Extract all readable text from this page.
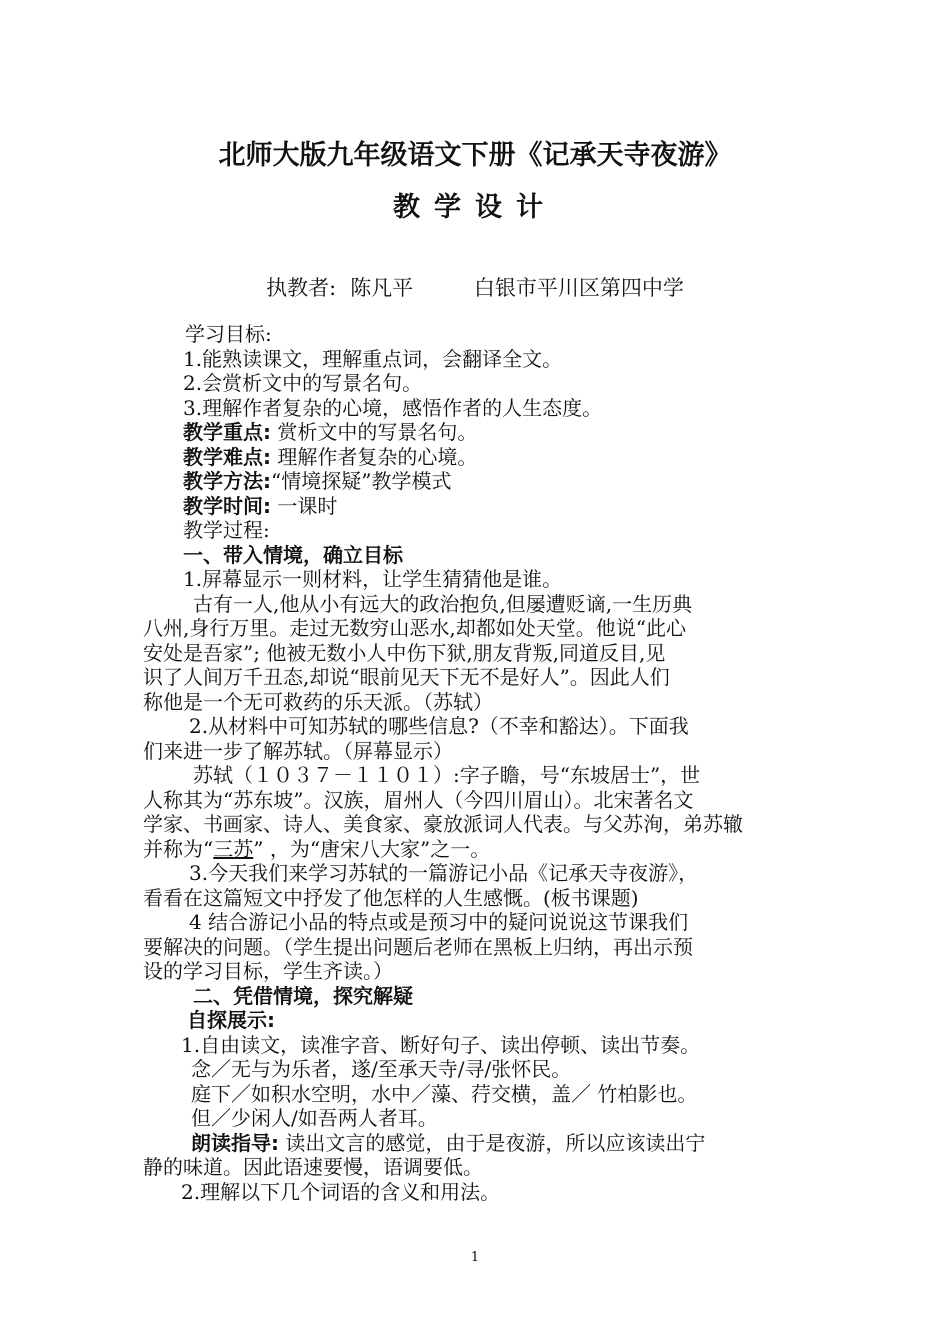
北师大版九年级语文下册《记承天寺夜游》
教学设计
执教者: 陈凡平	白银市平川区第四中学
学习目标:
1.能熟读课文，理解重点词，会翻译全文。
2.会赏析文中的写景名句。
3.理解作者复杂的心境，感悟作者的人生态度。
教学重点: 赏析文中的写景名句。
教学难点: 理解作者复杂的心境。
教学方法:“情境探疑”教学模式
教学时间: 一课时
教学过程:
一、带入情境，确立目标
1.屏幕显示一则材料，让学生猜猜他是谁。
古有一人,他从小有远大的政治抱负,但屡遭贬谪,一生历典
八州,身行万里。走过无数穷山恶水,却都如处天堂。他说“此心
安处是吾家”; 他被无数小人中伤下狱,朋友背叛,同道反目,见
识了人间万千丑态,却说“眼前见天下无不是好人”。因此人们
称他是一个无可救药的乐天派。（苏轼）
2.从材料中可知苏轼的哪些信息?（不幸和豁达）。下面我
们来进一步了解苏轼。（屏幕显示）
苏轼（１０３７－１１０１）:字子瞻，号“东坡居士”，世
人称其为“苏东坡”。汉族，眉州人（今四川眉山）。北宋著名文
学家、书画家、诗人、美食家、豪放派词人代表。与父苏洵，弟苏辙
并称为“三苏” ，为“唐宋八大家”之一。
3.今天我们来学习苏轼的一篇游记小品《记承天寺夜游》，
看看在这篇短文中抒发了他怎样的人生感慨。(板书课题)
4 结合游记小品的特点或是预习中的疑问说说这节课我们
要解决的问题。（学生提出问题后老师在黑板上归纳，再出示预
设的学习目标，学生齐读。）
二、凭借情境，探究解疑
自探展示:
1.自由读文，读准字音、断好句子、读出停顿、读出节奏。
念／无与为乐者，遂/至承天寺/寻/张怀民。
庭下／如积水空明，水中／藻、荇交横，盖／ 竹柏影也。
但／少闲人/如吾两人者耳。
朗读指导: 读出文言的感觉，由于是夜游，所以应该读出宁
静的味道。因此语速要慢，语调要低。
2.理解以下几个词语的含义和用法。
1
